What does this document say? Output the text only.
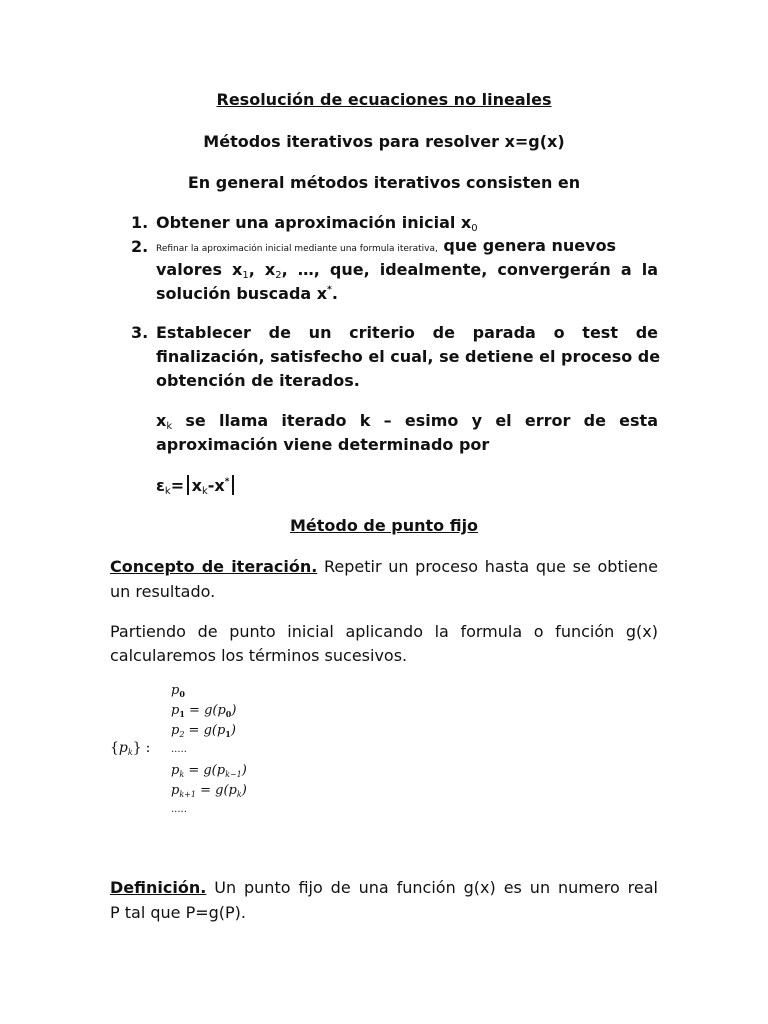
Resolución de ecuaciones no lineales
Métodos iterativos para resolver x=g(x)
En general métodos iterativos consisten en
1. Obtener una aproximación inicial x0
2. Refinar la aproximación inicial mediante una formula iterativa, que genera nuevos
valores x1, x2, …, que, idealmente, convergerán a la
solución buscada x*.
3. Establecer de un criterio de parada o test de
finalización, satisfecho el cual, se detiene el proceso de
obtención de iterados.
xk se llama iterado k – esimo y el error de esta
aproximación viene determinado por
εk= xk-x*
Método de punto fijo
Concepto de iteración. Repetir un proceso hasta que se obtiene
un resultado.
Partiendo de punto inicial aplicando la formula o función g(x)
calcularemos los términos sucesivos.
$\{p_k\}$ :
$p_0$
$p_1 = g(p_0)$
$p_2 = g(p_1)$
.....
$p_k = g(p_{k-1})$
$p_{k+1} = g(p_k)$
.....
Definición. Un punto fijo de una función g(x) es un numero real
P tal que P=g(P).
